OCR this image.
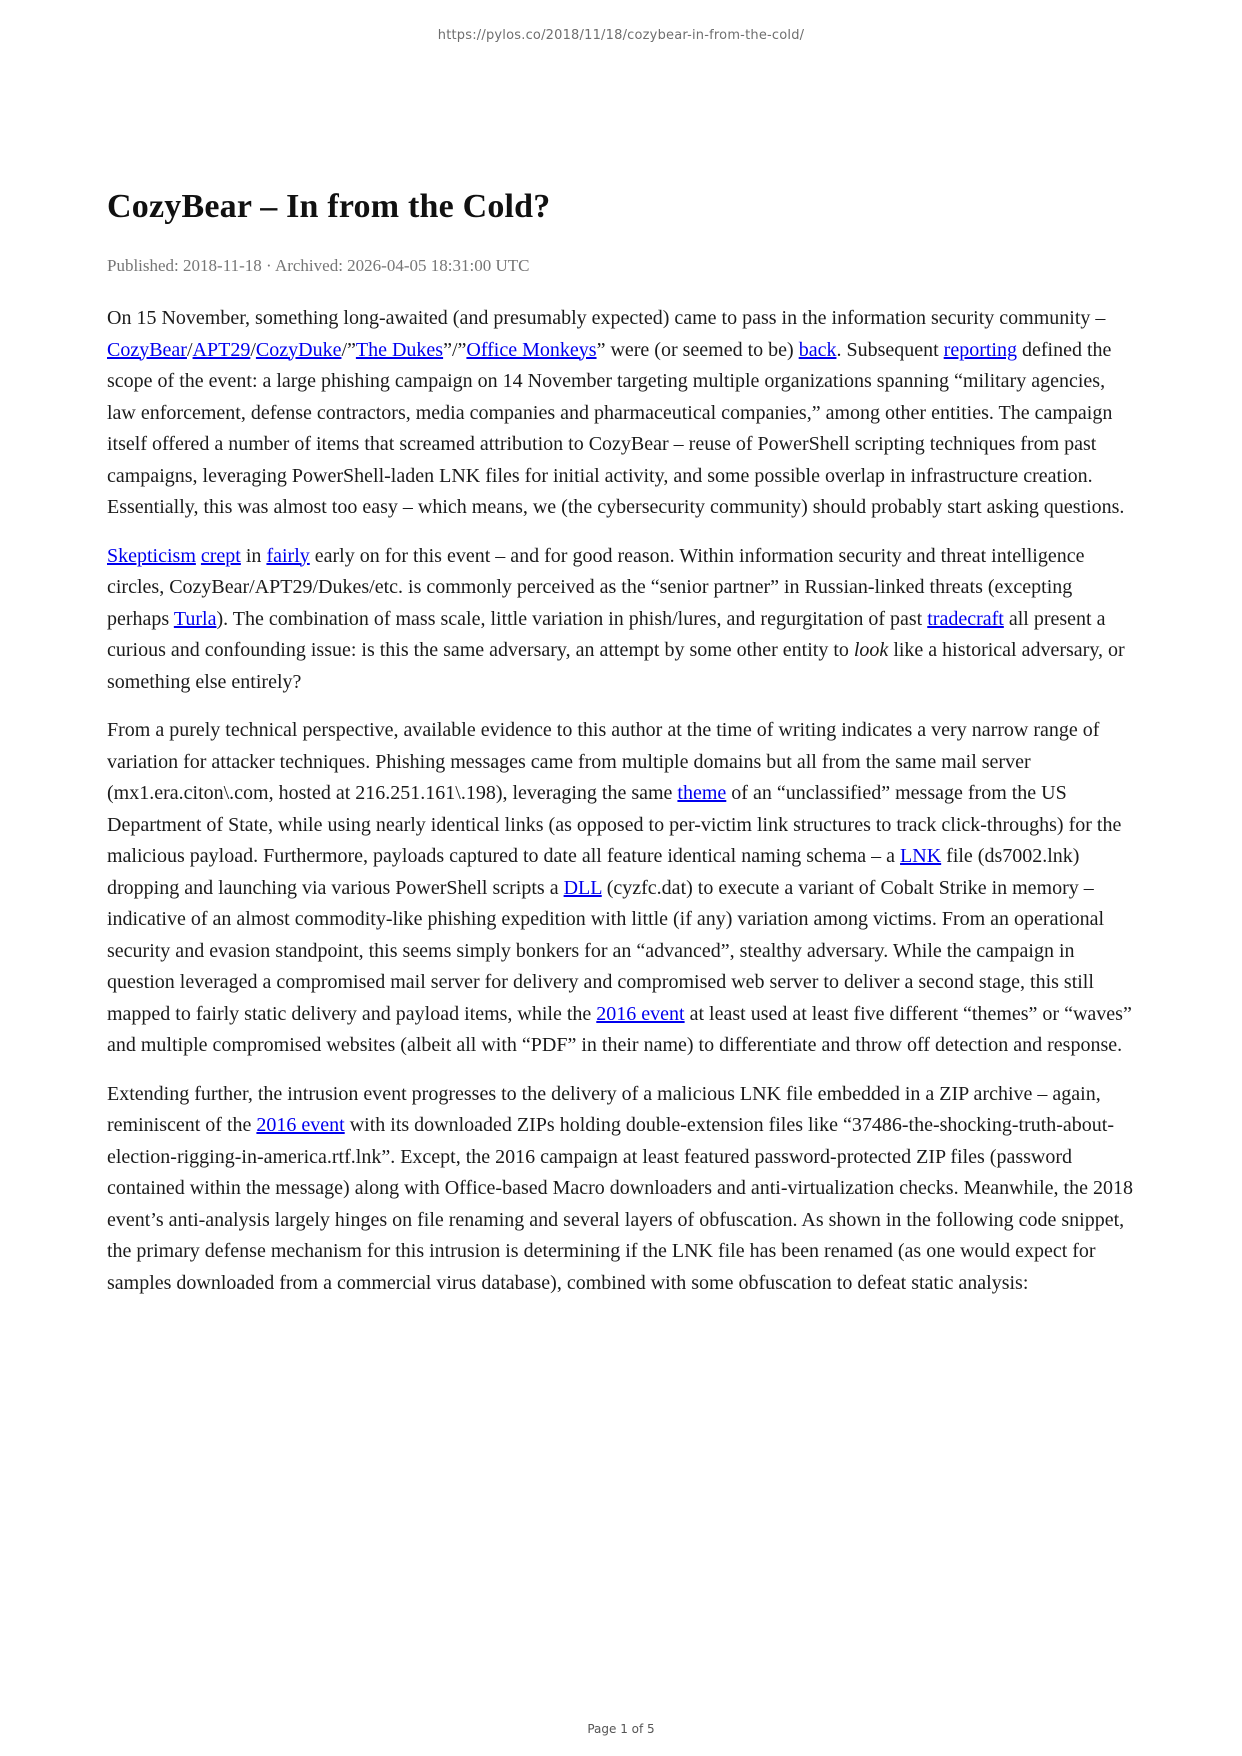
https://pylos.co/2018/11/18/cozybear-in-from-the-cold/
CozyBear – In from the Cold?

Published: 2018-11-18 · Archived: 2026-04-05 18:31:00 UTC

On 15 November, something long-awaited (and presumably expected) came to pass in the information security community – CozyBear/APT29/CozyDuke/”The Dukes”/”Office Monkeys” were (or seemed to be) back. Subsequent reporting defined the scope of the event: a large phishing campaign on 14 November targeting multiple organizations spanning “military agencies, law enforcement, defense contractors, media companies and pharmaceutical companies,” among other entities. The campaign itself offered a number of items that screamed attribution to CozyBear – reuse of PowerShell scripting techniques from past campaigns, leveraging PowerShell-laden LNK files for initial activity, and some possible overlap in infrastructure creation. Essentially, this was almost too easy – which means, we (the cybersecurity community) should probably start asking questions.

Skepticism crept in fairly early on for this event – and for good reason. Within information security and threat intelligence circles, CozyBear/APT29/Dukes/etc. is commonly perceived as the “senior partner” in Russian-linked threats (excepting perhaps Turla). The combination of mass scale, little variation in phish/lures, and regurgitation of past tradecraft all present a curious and confounding issue: is this the same adversary, an attempt by some other entity to look like a historical adversary, or something else entirely?

From a purely technical perspective, available evidence to this author at the time of writing indicates a very narrow range of variation for attacker techniques. Phishing messages came from multiple domains but all from the same mail server (mx1.era.citon\.com, hosted at 216.251.161\.198), leveraging the same theme of an “unclassified” message from the US Department of State, while using nearly identical links (as opposed to per-victim link structures to track click-throughs) for the malicious payload. Furthermore, payloads captured to date all feature identical naming schema – a LNK file (ds7002.lnk) dropping and launching via various PowerShell scripts a DLL (cyzfc.dat) to execute a variant of Cobalt Strike in memory – indicative of an almost commodity-like phishing expedition with little (if any) variation among victims. From an operational security and evasion standpoint, this seems simply bonkers for an “advanced”, stealthy adversary. While the campaign in question leveraged a compromised mail server for delivery and compromised web server to deliver a second stage, this still mapped to fairly static delivery and payload items, while the 2016 event at least used at least five different “themes” or “waves” and multiple compromised websites (albeit all with “PDF” in their name) to differentiate and throw off detection and response.

Extending further, the intrusion event progresses to the delivery of a malicious LNK file embedded in a ZIP archive – again, reminiscent of the 2016 event with its downloaded ZIPs holding double-extension files like “37486-the-shocking-truth-about-election-rigging-in-america.rtf.lnk”. Except, the 2016 campaign at least featured password-protected ZIP files (password contained within the message) along with Office-based Macro downloaders and anti-virtualization checks. Meanwhile, the 2018 event’s anti-analysis largely hinges on file renaming and several layers of obfuscation. As shown in the following code snippet, the primary defense mechanism for this intrusion is determining if the LNK file has been renamed (as one would expect for samples downloaded from a commercial virus database), combined with some obfuscation to defeat static analysis:

Page 1 of 5
